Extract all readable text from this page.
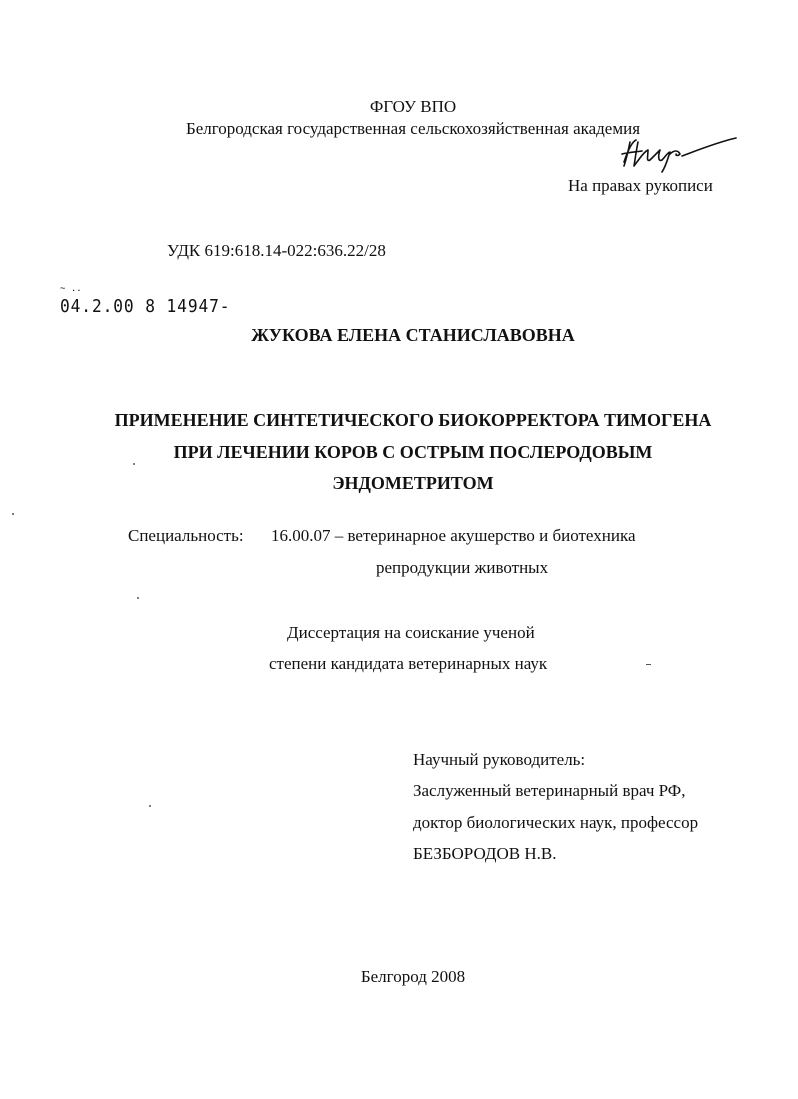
ФГОУ ВПО
Белгородская государственная сельскохозяйственная академия
На правах рукописи
УДК 619:618.14-022:636.22/28
~ ..
04.2.00 8 14947-
ЖУКОВА ЕЛЕНА СТАНИСЛАВОВНА
ПРИМЕНЕНИЕ СИНТЕТИЧЕСКОГО БИОКОРРЕКТОРА ТИМОГЕНА
ПРИ ЛЕЧЕНИИ КОРОВ С ОСТРЫМ ПОСЛЕРОДОВЫМ
ЭНДОМЕТРИТОМ
Специальность: 16.00.07 – ветеринарное акушерство и биотехника
репродукции животных
Диссертация на соискание ученой
степени кандидата ветеринарных наук
Научный руководитель:
Заслуженный ветеринарный врач РФ,
доктор биологических наук, профессор
БЕЗБОРОДОВ Н.В.
Белгород 2008
